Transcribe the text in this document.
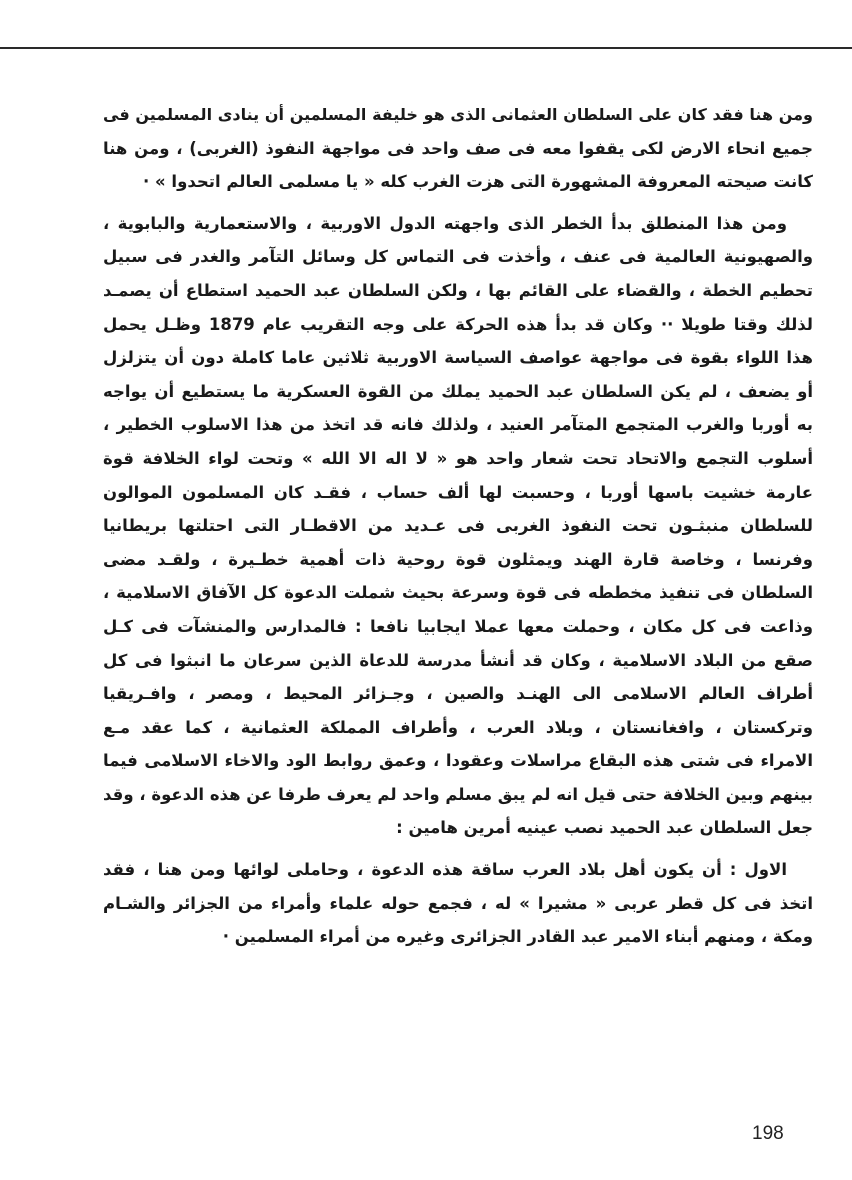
ومن هنا فقد كان على السلطان العثمانى الذى هو خليفة المسلمين أن ينادى المسلمين فى
جميع انحاء الارض لكى يقفوا معه فى صف واحد فى مواجهة النفوذ (الغربى) ، ومن هنا
كانت صيحته المعروفة المشهورة التى هزت الغرب كله « يا مسلمى العالم اتحدوا » ·
ومن هذا المنطلق بدأ الخطر الذى واجهته الدول الاوربية ، والاستعمارية والبابوية ،
والصهيونية العالمية فى عنف ، وأخذت فى التماس كل وسائل التآمر والغدر فى سبيل
تحطيم الخطة ، والقضاء على القائم بها ، ولكن السلطان عبد الحميد استطاع أن يصمـد
لذلك وقتا طويلا ·· وكان قد بدأ هذه الحركة على وجه التقريب عام 1879 وظـل يحمل
هذا اللواء بقوة فى مواجهة عواصف السياسة الاوربية ثلاثين عاما كاملة دون أن يتزلزل
أو يضعف ، لم يكن السلطان عبد الحميد يملك من القوة العسكرية ما يستطيع أن يواجه
به أوربا والغرب المتجمع المتآمر العنيد ، ولذلك فانه قد اتخذ من هذا الاسلوب الخطير ،
أسلوب التجمع والاتحاد تحت شعار واحد هو « لا اله الا الله » وتحت لواء الخلافة قوة
عارمة خشيت باسها أوربا ، وحسبت لها ألف حساب ، فقـد كان المسلمون الموالون
للسلطان منبثـون تحت النفوذ الغربى فى عـديد من الاقطـار التى احتلتها بريطانيا
وفرنسا ، وخاصة قارة الهند ويمثلون قوة روحية ذات أهمية خطـيرة ، ولقـد مضى
السلطان فى تنفيذ مخططه فى قوة وسرعة بحيث شملت الدعوة كل الآفاق الاسلامية ،
وذاعت فى كل مكان ، وحملت معها عملا ايجابيا نافعا : فالمدارس والمنشآت فى كـل
صقع من البلاد الاسلامية ، وكان قد أنشأ مدرسة للدعاة الذين سرعان ما انبثوا فى كل
أطراف العالم الاسلامى الى الهنـد والصين ، وجـزائر المحيط ، ومصر ، وافـريقيا
وتركستان ، وافغانستان ، وبلاد العرب ، وأطراف المملكة العثمانية ، كما عقد مـع
الامراء فى شتى هذه البقاع مراسلات وعقودا ، وعمق روابط الود والاخاء الاسلامى فيما
بينهم وبين الخلافة حتى قيل انه لم يبق مسلم واحد لم يعرف طرفا عن هذه الدعوة ، وقد
جعل السلطان عبد الحميد نصب عينيه أمرين هامين :
الاول : أن يكون أهل بلاد العرب ساقة هذه الدعوة ، وحاملى لوائها ومن هنا ، فقد
اتخذ فى كل قطر عربى « مشيرا » له ، فجمع حوله علماء وأمراء من الجزائر والشـام
ومكة ، ومنهم أبناء الامير عبد القادر الجزائرى وغيره من أمراء المسلمين ·
198
